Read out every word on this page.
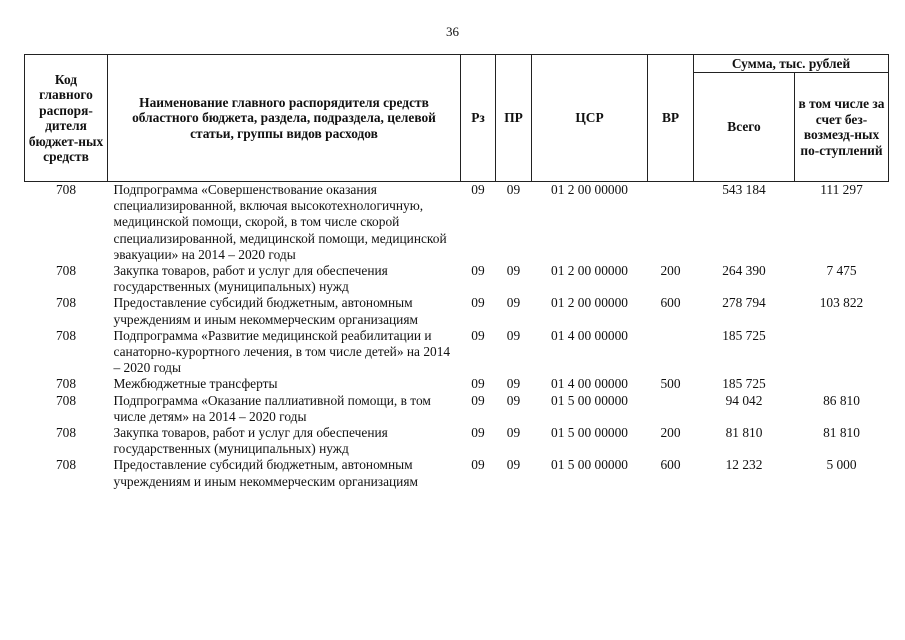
36
Код главного распоря-дителя бюджет-ных средств	Наименование главного распорядителя средств областного бюджета, раздела, подраздела, целевой статьи, группы видов расходов	Рз	ПР	ЦСР	ВР	Сумма, тыс. рублей	
						Всего	в том числе за счет без-возмезд-ных по-ступлений
708	Подпрограмма «Совершенствование оказания специализированной, включая высокотехнологичную, медицинской помощи, скорой, в том числе скорой специализированной, медицинской помощи, медицинской эвакуации» на 2014 – 2020 годы	09	09	01 2 00 00000		543 184	111 297
708	Закупка товаров, работ и услуг для обеспечения государственных (муниципальных) нужд	09	09	01 2 00 00000	200	264 390	7 475
708	Предоставление субсидий бюджетным, автономным учреждениям и иным некоммерческим организациям	09	09	01 2 00 00000	600	278 794	103 822
708	Подпрограмма «Развитие медицинской реабилитации и санаторно-курортного лечения, в том числе детей» на 2014 – 2020 годы	09	09	01 4 00 00000		185 725	
708	Межбюджетные трансферты	09	09	01 4 00 00000	500	185 725	
708	Подпрограмма «Оказание паллиативной помощи, в том числе детям» на 2014 – 2020 годы	09	09	01 5 00 00000		94 042	86 810
708	Закупка товаров, работ и услуг для обеспечения государственных (муниципальных) нужд	09	09	01 5 00 00000	200	81 810	81 810
708	Предоставление субсидий бюджетным, автономным учреждениям и иным некоммерческим организациям	09	09	01 5 00 00000	600	12 232	5 000
